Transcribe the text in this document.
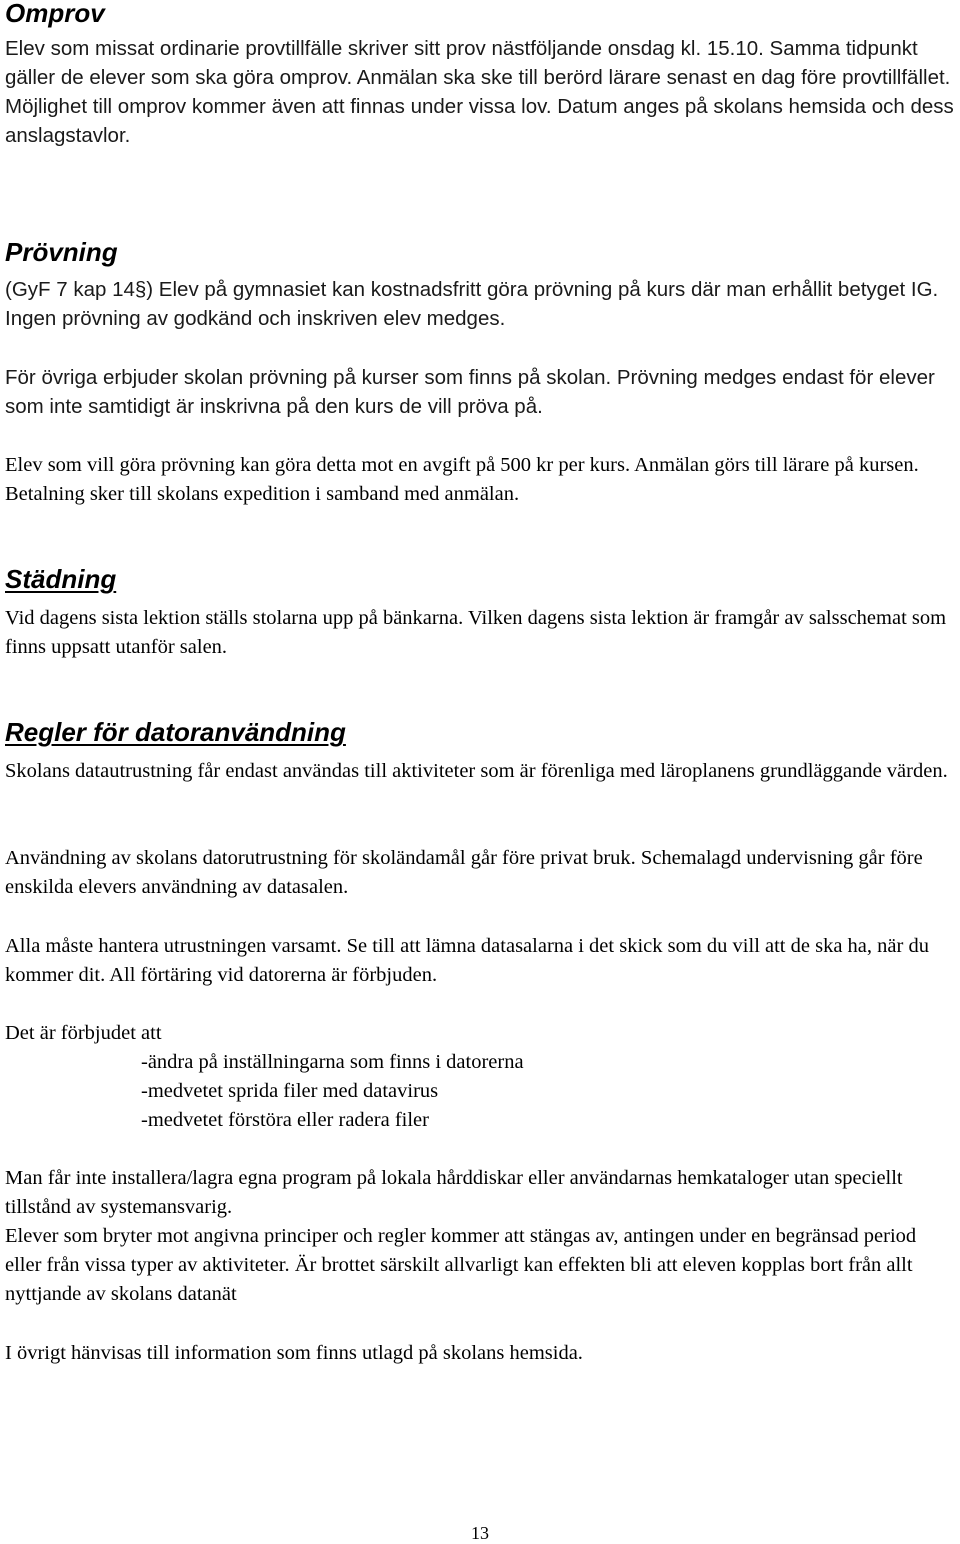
Omprov

Elev som missat ordinarie provtillfälle skriver sitt prov nästföljande onsdag kl. 15.10. Samma tidpunkt gäller de elever som ska göra omprov. Anmälan ska ske till berörd lärare senast en dag före provtillfället. Möjlighet till omprov kommer även att finnas under vissa lov. Datum anges på skolans hemsida och dess anslagstavlor.

Prövning

(GyF 7 kap 14§) Elev på gymnasiet kan kostnadsfritt göra prövning på kurs där man erhållit betyget IG. Ingen prövning av godkänd och inskriven elev medges.

För övriga erbjuder skolan prövning på kurser som finns på skolan. Prövning medges endast för elever som inte samtidigt är inskrivna på den kurs de vill pröva på.

Elev som vill göra prövning kan göra detta mot en avgift på 500 kr per kurs. Anmälan görs till lärare på kursen. Betalning sker till skolans expedition i samband med anmälan.

Städning

Vid dagens sista lektion ställs stolarna upp på bänkarna. Vilken dagens sista lektion är framgår av salsschemat som finns uppsatt utanför salen.

Regler för datoranvändning

Skolans datautrustning får endast användas till aktiviteter som är förenliga med läroplanens grundläggande värden.

Användning av skolans datorutrustning för skoländamål går före privat bruk. Schemalagd undervisning går före enskilda elevers användning av datasalen.

Alla måste hantera utrustningen varsamt. Se till att lämna datasalarna i det skick som du vill att de ska ha, när du kommer dit. All förtäring vid datorerna är förbjuden.

Det är förbjudet att

-ändra på inställningarna som finns i datorerna

-medvetet sprida filer med datavirus

-medvetet förstöra eller radera filer

Man får inte installera/lagra egna program på lokala hårddiskar eller användarnas hemkataloger utan speciellt tillstånd av systemansvarig.

Elever som bryter mot angivna principer och regler kommer att stängas av, antingen under en begränsad period eller från vissa typer av aktiviteter. Är brottet särskilt allvarligt kan effekten bli att eleven kopplas bort från allt nyttjande av skolans datanät

I övrigt hänvisas till information som finns utlagd på skolans hemsida.

13
